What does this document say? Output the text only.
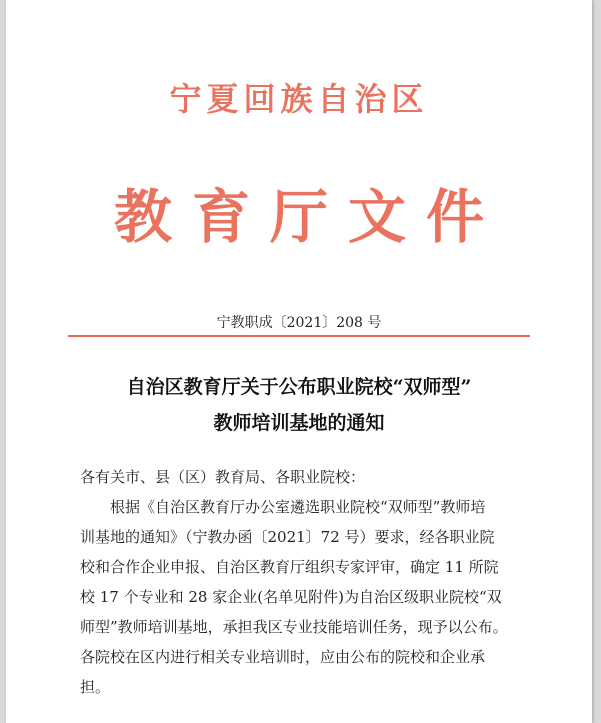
宁夏回族自治区
教育厅文件
宁教职成〔2021〕208 号
自治区教育厅关于公布职业院校“双师型”
教师培训基地的通知

各有关市、县（区）教育局、各职业院校：

根据《自治区教育厅办公室遴选职业院校“双师型”教师培

训基地的通知》（宁教办函〔2021〕72 号）要求，经各职业院

校和合作企业申报、自治区教育厅组织专家评审，确定 11 所院

校 17 个专业和 28 家企业(名单见附件)为自治区级职业院校“双

师型”教师培训基地，承担我区专业技能培训任务，现予以公布。

各院校在区内进行相关专业培训时，应由公布的院校和企业承

担。
